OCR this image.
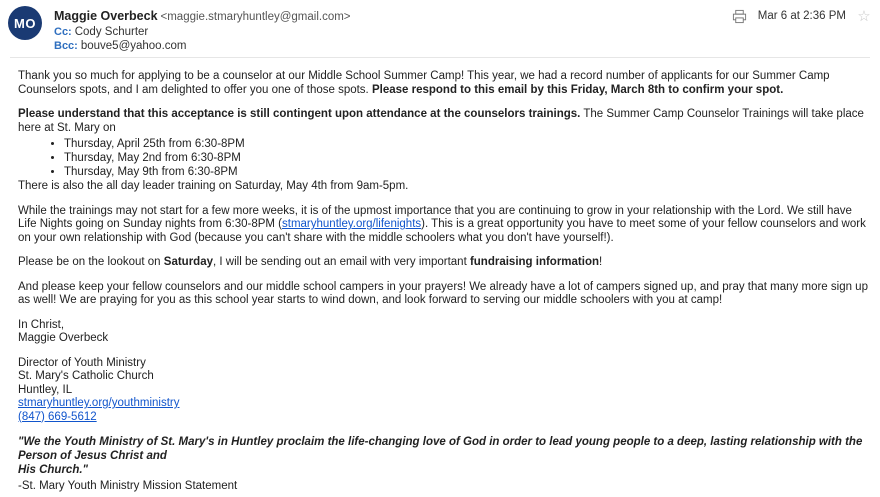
MO	Maggie Overbeck <maggie.stmaryhuntley@gmail.com>
Cc: Cody Schurter
Bcc: bouve5@yahoo.com
Mar 6 at 2:36 PM ☆

Thank you so much for applying to be a counselor at our Middle School Summer Camp! This year, we had a record number of applicants for our Summer Camp Counselors spots, and I am delighted to offer you one of those spots. Please respond to this email by this Friday, March 8th to confirm your spot.

Please understand that this acceptance is still contingent upon attendance at the counselors trainings. The Summer Camp Counselor Trainings will take place here at St. Mary on

• Thursday, April 25th from 6:30-8PM
• Thursday, May 2nd from 6:30-8PM
• Thursday, May 9th from 6:30-8PM

There is also the all day leader training on Saturday, May 4th from 9am-5pm.

While the trainings may not start for a few more weeks, it is of the upmost importance that you are continuing to grow in your relationship with the Lord. We still have Life Nights going on Sunday nights from 6:30-8PM (stmaryhuntley.org/lifenights). This is a great opportunity you have to meet some of your fellow counselors and work on your own relationship with God (because you can't share with the middle schoolers what you don't have yourself!).

Please be on the lookout on Saturday, I will be sending out an email with very important fundraising information!

And please keep your fellow counselors and our middle school campers in your prayers! We already have a lot of campers signed up, and pray that many more sign up as well! We are praying for you as this school year starts to wind down, and look forward to serving our middle schoolers with you at camp!

In Christ,
Maggie Overbeck
Director of Youth Ministry
St. Mary's Catholic Church
Huntley, IL
stmaryhuntley.org/youthministry
(847) 669-5612
"We the Youth Ministry of St. Mary's in Huntley proclaim the life-changing love of God in order to lead young people to a deep, lasting relationship with the Person of Jesus Christ and
His Church."
-St. Mary Youth Ministry Mission Statement
